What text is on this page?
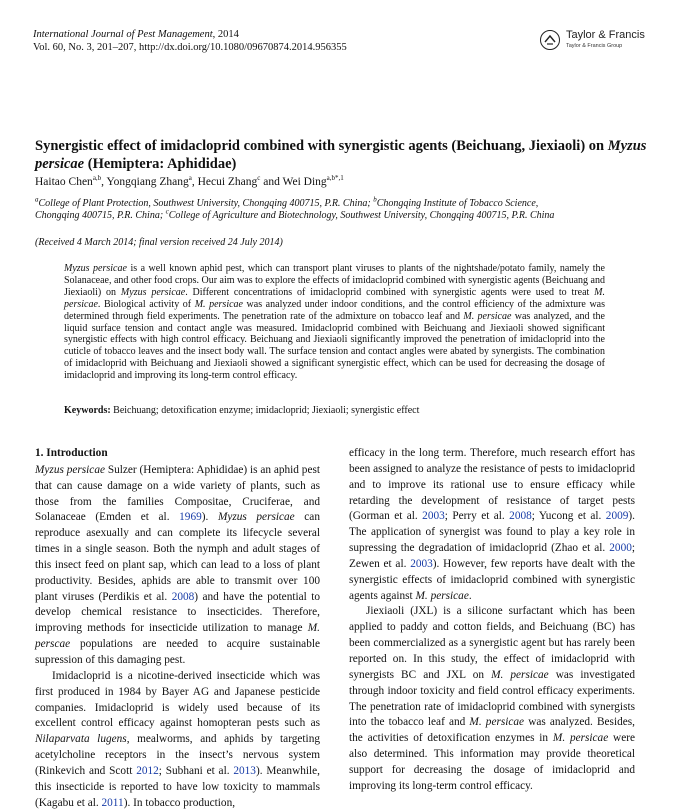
International Journal of Pest Management, 2014
Vol. 60, No. 3, 201–207, http://dx.doi.org/10.1080/09670874.2014.956355
Taylor & Francis
Taylor & Francis Group
Synergistic effect of imidacloprid combined with synergistic agents (Beichuang, Jiexiaoli) on Myzus persicae (Hemiptera: Aphididae)
Haitao Chen$^{a,b}$, Yongqiang Zhang$^a$, Hecui Zhang$^c$ and Wei Ding$^{a,b*,1}$
$^a$College of Plant Protection, Southwest University, Chongqing 400715, P.R. China; $^b$Chongqing Institute of Tobacco Science,
Chongqing 400715, P.R. China; $^c$College of Agriculture and Biotechnology, Southwest University, Chongqing 400715, P.R. China
(Received 4 March 2014; final version received 24 July 2014)
Myzus persicae is a well known aphid pest, which can transport plant viruses to plants of the nightshade/potato family, namely the Solanaceae, and other food crops. Our aim was to explore the effects of imidacloprid combined with synergistic agents (Beichuang and Jiexiaoli) on Myzus persicae. Different concentrations of imidacloprid combined with synergistic agents were used to treat M. persicae. Biological activity of M. persicae was analyzed under indoor conditions, and the control efficiency of the admixture was determined through field experiments. The penetration rate of the admixture on tobacco leaf and M. persicae was analyzed, and the liquid surface tension and contact angle was measured. Imidacloprid combined with Beichuang and Jiexiaoli showed significant synergistic effects with high control efficacy. Beichuang and Jiexiaoli significantly improved the penetration of imidacloprid into the cuticle of tobacco leaves and the insect body wall. The surface tension and contact angles were abated by synergists. The combination of imidacloprid with Beichuang and Jiexiaoli showed a significant synergistic effect, which can be used for decreasing the dosage of imidacloprid and improving its long-term control efficacy.
Keywords: Beichuang; detoxification enzyme; imidacloprid; Jiexiaoli; synergistic effect
1. Introduction

Myzus persicae Sulzer (Hemiptera: Aphididae) is an aphid pest that can cause damage on a wide variety of plants, such as those from the families Compositae, Cruciferae, and Solanaceae (Emden et al. 1969). Myzus persicae can reproduce asexually and can complete its lifecycle several times in a single season. Both the nymph and adult stages of this insect feed on plant sap, which can lead to a loss of plant productivity. Besides, aphids are able to transmit over 100 plant viruses (Perdikis et al. 2008) and have the potential to develop chemical resistance to insecticides. Therefore, improving methods for insecticide utilization to manage M. perscae populations are needed to acquire sustainable supression of this damaging pest.

Imidacloprid is a nicotine-derived insecticide which was first produced in 1984 by Bayer AG and Japanese pesticide companies. Imidacloprid is widely used because of its excellent control efficacy against homopteran pests such as Nilaparvata lugens, mealworms, and aphids by targeting acetylcholine receptors in the insect’s nervous system (Rinkevich and Scott 2012; Subhani et al. 2013). Meanwhile, this insecticide is reported to have low toxicity to mammals (Kagabu et al. 2011). In tobacco production,

efficacy in the long term. Therefore, much research effort has been assigned to analyze the resistance of pests to imidacloprid and to improve its rational use to ensure efficacy while retarding the development of resistance of target pests (Gorman et al. 2003; Perry et al. 2008; Yucong et al. 2009). The application of synergist was found to play a key role in supressing the degradation of imidacloprid (Zhao et al. 2000; Zewen et al. 2003). However, few reports have dealt with the synergistic effects of imidacloprid combined with synergistic agents against M. persicae.

Jiexiaoli (JXL) is a silicone surfactant which has been applied to paddy and cotton fields, and Beichuang (BC) has been commercialized as a synergistic agent but has rarely been reported on. In this study, the effect of imidacloprid with synergists BC and JXL on M. persicae was investigated through indoor toxicity and field control efficacy experiments. The penetration rate of imidacloprid combined with synergists into the tobacco leaf and M. persicae was analyzed. Besides, the activities of detoxification enzymes in M. persicae were also determined. This information may provide theoretical support for decreasing the dosage of imidacloprid and improving its long-term control efficacy.
